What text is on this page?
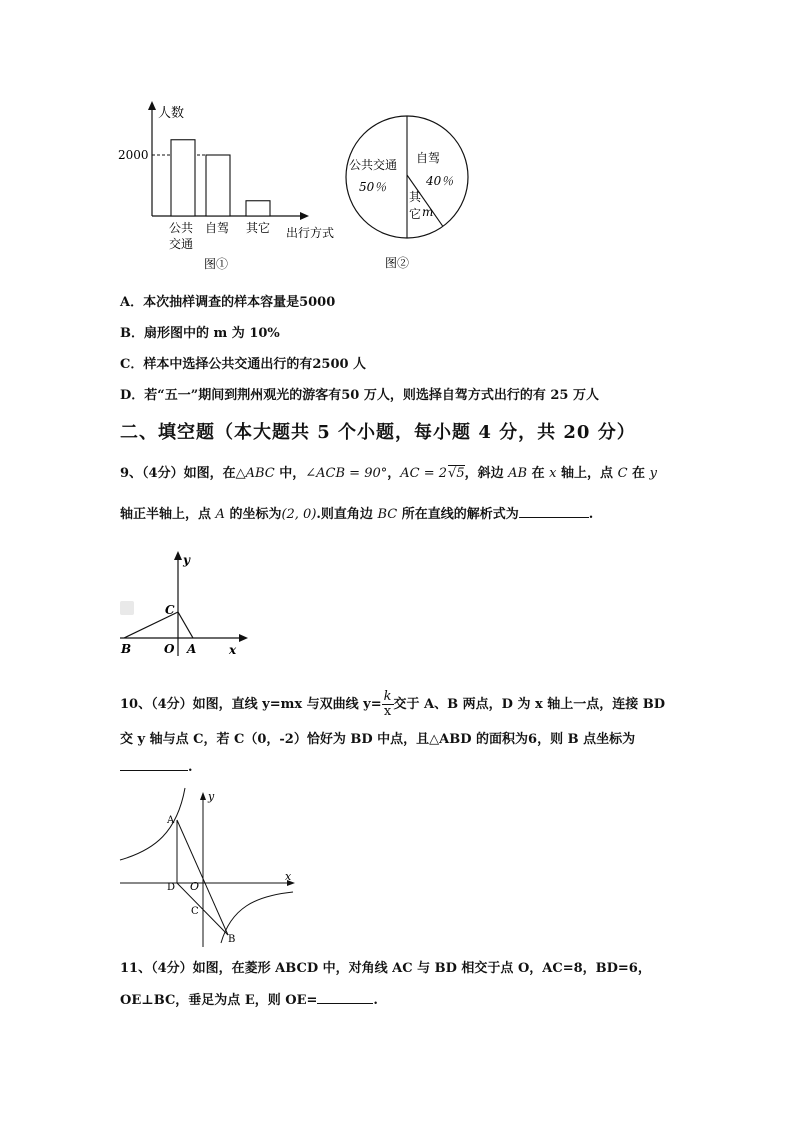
人数
2000
公共
交通
自驾 其它 出行方式
图①
公共交通
50％
自驾
40％
其
它 m
图②
A．本次抽样调查的样本容量是5000
B．扇形图中的 m 为 10%
C．样本中选择公共交通出行的有2500 人
D．若“五一”期间到荆州观光的游客有50 万人，则选择自驾方式出行的有 25 万人
二、填空题（本大题共 5 个小题，每小题 4 分，共 20 分）
9、（4分）如图，在△ABC 中，∠ACB = 90°，AC = 2√5，斜边 AB 在 x 轴上，点 C 在 y
轴正半轴上，点 A 的坐标为(2, 0).则直角边 BC 所在直线的解析式为	.
y
C
B	O A	x
10、（4分）如图，直线 y=mx 与双曲线 $y= \frac{k}{x}$ 交于 A、B 两点，D 为 x 轴上一点，连接 BD
交 y 轴与点 C，若 C（0，-2）恰好为 BD 中点，且△ABD 的面积为6，则 B 点坐标为
.
y
A
D O
x
C
B
11、（4分）如图，在菱形 ABCD 中，对角线 AC 与 BD 相交于点 O，AC=8，BD=6，
OE⊥BC，垂足为点 E，则 OE=	.
